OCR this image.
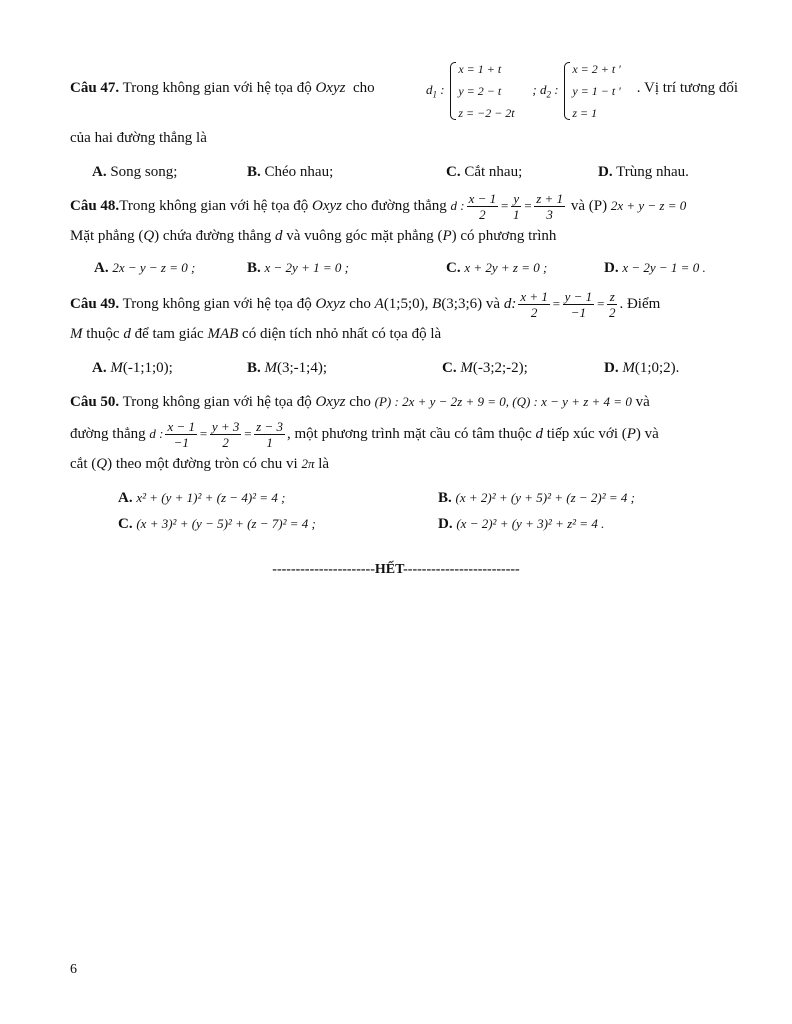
Câu 47. Trong không gian với hệ tọa độ Oxyz cho	$d_1$ :
x = 1 + t
y = 2 − t
z = −2 − 2t
; $d_2$ :
x = 2 + t '
y = 1 − t '
z = 1
. Vị trí tương đối
của hai đường thẳng là
A. Song song;	B. Chéo nhau;	C. Cắt nhau;	D. Trùng nhau.
Câu 48.Trong không gian với hệ tọa độ Oxyz cho đường thẳng d : $\frac{x - 1}{2} = \frac{y}{1} = \frac{z + 1}{3}$ và (P) 2x + y − z = 0
Mặt phẳng (Q) chứa đường thẳng d và vuông góc mặt phẳng (P) có phương trình
A. 2x − y − z = 0 ;	B. x − 2y + 1 = 0 ;	C. x + 2y + z = 0 ;	D. x − 2y − 1 = 0 .
Câu 49. Trong không gian với hệ tọa độ Oxyz cho A(1;5;0), B(3;3;6) và d: $\frac{x + 1}{2} = \frac{y - 1}{-1} = \frac{z}{2}$ . Điểm
M thuộc d để tam giác MAB có diện tích nhỏ nhất có tọa độ là
A. M(-1;1;0);	B. M(3;-1;4);	C. M(-3;2;-2);	D. M(1;0;2).
Câu 50. Trong không gian với hệ tọa độ Oxyz cho (P) : 2x + y − 2z + 9 = 0, (Q) : x − y + z + 4 = 0 và
đường thẳng d : $\frac{x - 1}{-1} = \frac{y + 3}{2} = \frac{z - 3}{1}$ , một phương trình mặt cầu có tâm thuộc d tiếp xúc với (P) và
cắt (Q) theo một đường tròn có chu vi 2π là
A. x² + (y + 1)² + (z − 4)² = 4 ;	B. (x + 2)² + (y + 5)² + (z − 2)² = 4 ;
C. (x + 3)² + (y − 5)² + (z − 7)² = 4 ;	D. (x − 2)² + (y + 3)² + z² = 4 .
----------------------HẾT-------------------------
6
